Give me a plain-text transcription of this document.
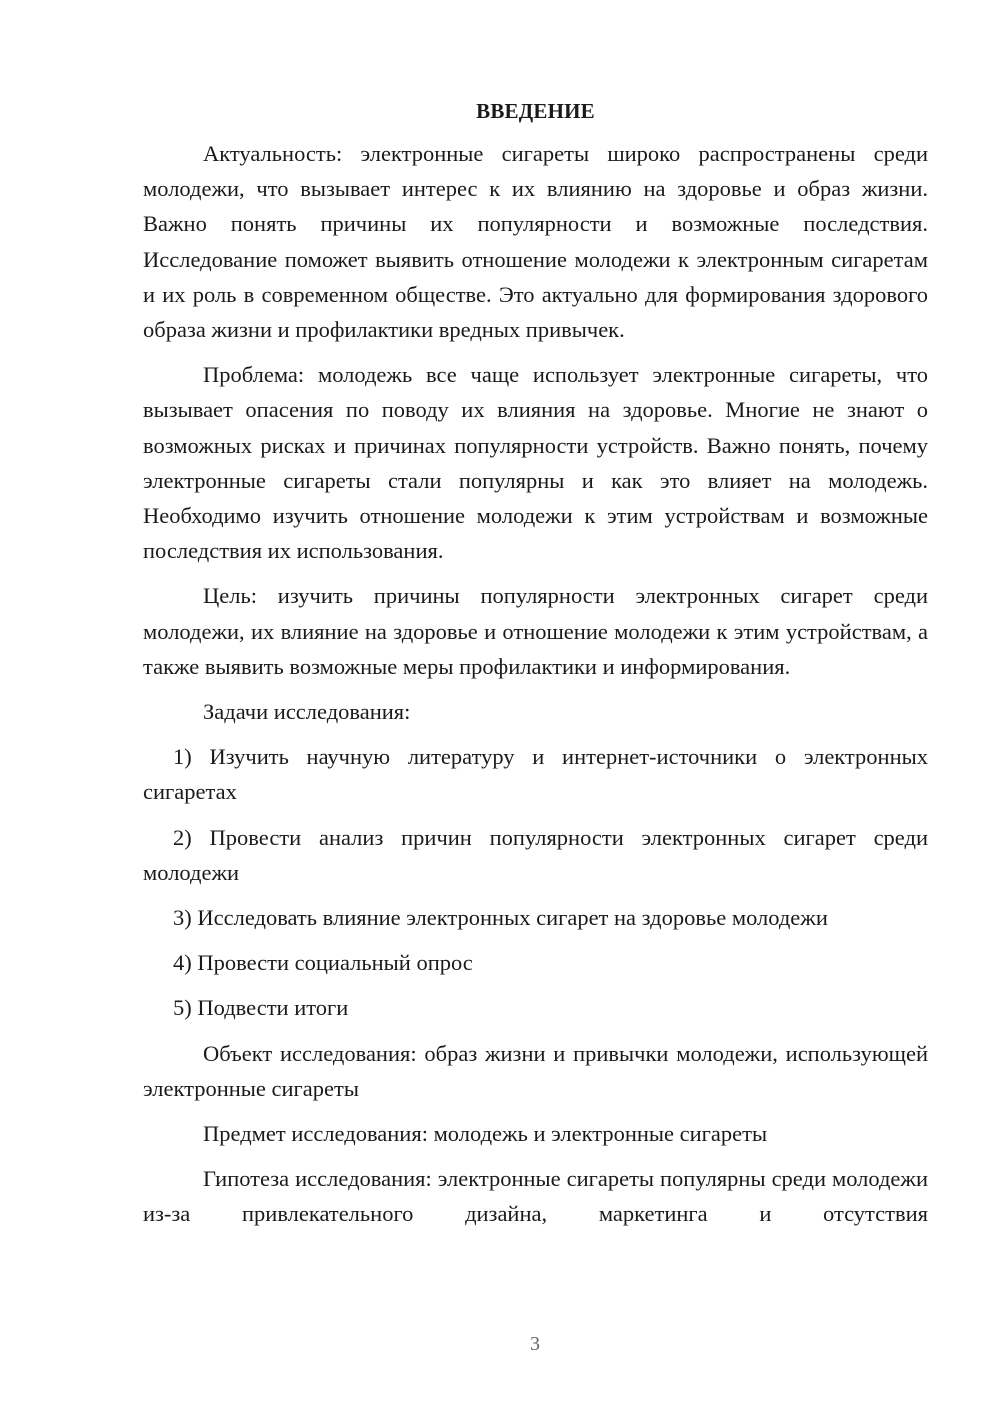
ВВЕДЕНИЕ

Актуальность: электронные сигареты широко распространены среди молодежи, что вызывает интерес к их влиянию на здоровье и образ жизни. Важно понять причины их популярности и возможные последствия. Исследование поможет выявить отношение молодежи к электронным сигаретам и их роль в современном обществе. Это актуально для формирования здорового образа жизни и профилактики вредных привычек.

Проблема: молодежь все чаще использует электронные сигареты, что вызывает опасения по поводу их влияния на здоровье. Многие не знают о возможных рисках и причинах популярности устройств. Важно понять, почему электронные сигареты стали популярны и как это влияет на молодежь. Необходимо изучить отношение молодежи к этим устройствам и возможные последствия их использования.

Цель: изучить причины популярности электронных сигарет среди молодежи, их влияние на здоровье и отношение молодежи к этим устройствам, а также выявить возможные меры профилактики и информирования.

Задачи исследования:

1) Изучить научную литературу и интернет-источники о электронных сигаретах

2) Провести анализ причин популярности электронных сигарет среди молодежи

3) Исследовать влияние электронных сигарет на здоровье молодежи

4) Провести социальный опрос

5) Подвести итоги

Объект исследования: образ жизни и привычки молодежи, использующей электронные сигареты

Предмет исследования: молодежь и электронные сигареты

Гипотеза исследования: электронные сигареты популярны среди молодежи из-за привлекательного дизайна, маркетинга и отсутствия

3
